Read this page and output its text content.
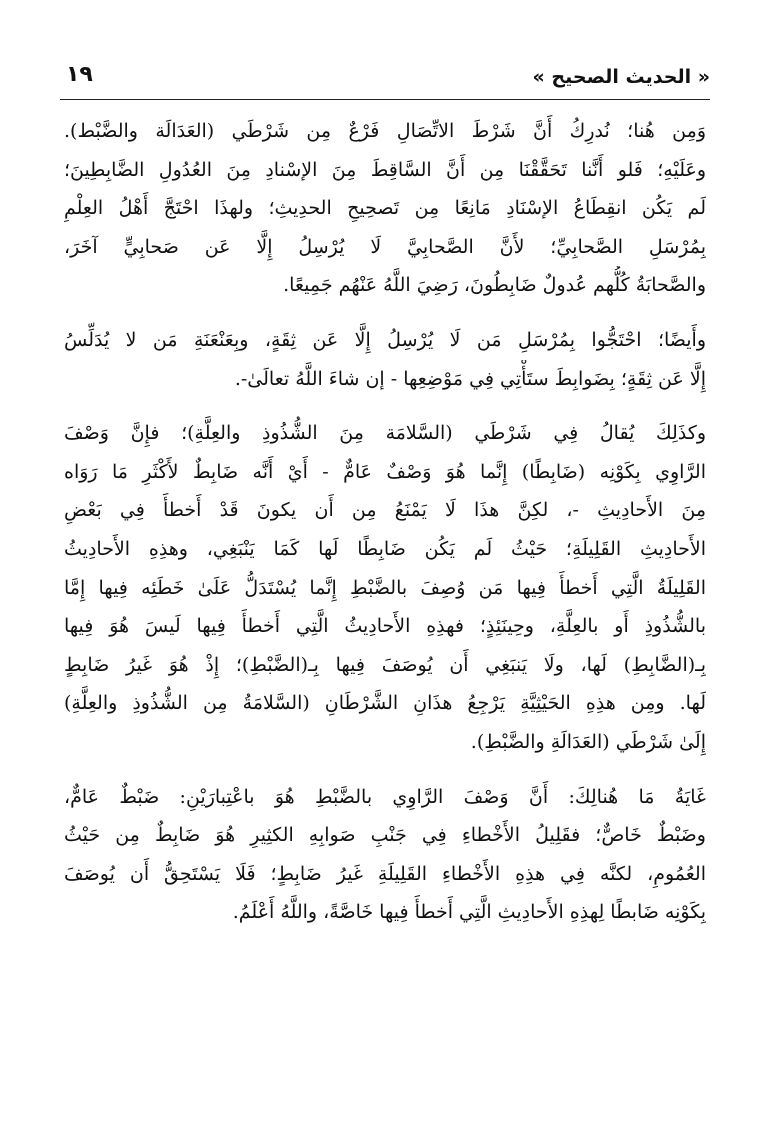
« الحديث الصحيح »
١٩

وَمِن هُنا؛ نُدرِكُ أَنَّ شَرْطَ الاتِّصَالِ فَرْعٌ مِن شَرْطَي (العَدَالَة والضَّبْط).
وعَلَيْهِ؛ فَلو أَنَّنا تَحَقَّقْنَا مِن أَنَّ السَّاقِطَ مِنَ الإسْنادِ مِنَ العُدُولِ الضَّابِطِينَ؛
لَم يَكُن انقِطَاعُ الإسْنَادِ مَانِعًا مِن تَصحِيحِ الحدِيثِ؛ ولهذَا احْتَجَّ أَهْلُ العِلْمِ
بِمُرْسَلِ الصَّحابِيِّ؛ لأَنَّ الصَّحابِيَّ لَا يُرْسِلُ إِلَّا عَن صَحابِيٍّ آخَرَ،
والصَّحابَةُ كُلُّهم عُدولٌ ضَابِطُونَ، رَضِيَ اللَّهُ عَنْهُم جَمِيعًا.

وأَيضًا؛ احْتَجُّوا بِمُرْسَلِ مَن لَا يُرْسِلُ إِلَّا عَن ثِقَةٍ، وبِعَنْعَنَةِ مَن لا يُدَلِّسُ
إِلَّا عَن ثِقَةٍ؛ بِضَوابِطَ ستَأْتِي فِي مَوْضِعِها - إن شاءَ اللَّهُ تعالَىٰ-.

وكذَلِكَ يُقالُ فِي شَرْطَي (السَّلامَة مِنَ الشُّذُوذِ والعِلَّةِ)؛ فإِنَّ وَصْفَ
الرَّاوِي بِكَوْنِه (ضَابِطًا) إِنَّما هُوَ وَصْفٌ عَامٌّ - أَيْ أَنَّه ضَابِطٌ لأَكْثَرِ مَا رَوَاه
مِنَ الأَحادِيثِ -، لكِنَّ هذَا لَا يَمْنَعُ مِن أَن يكونَ قَدْ أَخطأَ فِي بَعْضِ
الأَحادِيثِ القَلِيلَةِ؛ حَيْثُ لَم يَكُن ضَابِطًا لَها كَمَا يَنْبَغِي، وهذِهِ الأَحادِيثُ
القَلِيلَةُ الَّتِي أَخطأَ فِيها مَن وُصِفَ بالضَّبْطِ إِنَّما يُسْتَدَلُّ عَلَىٰ خَطَئِه فِيها إِمَّا
بالشُّذُوذِ أَو بالعِلَّةِ، وحِينَئِذٍ؛ فهذِهِ الأَحادِيثُ الَّتِي أَخطأَ فِيها لَيسَ هُوَ فِيها
بِـ(الضَّابِطِ) لَها، ولَا يَنبَغِي أَن يُوصَفَ فِيها بِـ(الضَّبْطِ)؛ إِذْ هُوَ غَيرُ ضَابِطٍ
لَها. ومِن هذِهِ الحَيْثِيَّةِ يَرْجِعُ هذَانِ الشَّرْطَانِ (السَّلامَةُ مِن الشُّذُوذِ والعِلَّةِ)
إِلَىٰ شَرْطَي (العَدَالَةِ والضَّبْطِ).

غَايَةُ مَا هُنالِكَ: أَنَّ وَصْفَ الرَّاوِي بالضَّبْطِ هُوَ باعْتِبارَيْنِ: ضَبْطٌ عَامٌّ،
وضَبْطٌ خَاصٌّ؛ فقَلِيلُ الأَخْطاءِ فِي جَنْبِ صَوابِهِ الكثِيرِ هُوَ ضَابِطٌ مِن حَيْثُ
العُمُومِ، لكنَّه فِي هذِهِ الأَخْطاءِ القَلِيلَةِ غَيرُ ضَابِطٍ؛ فَلَا يَسْتَحِقُّ أَن يُوصَفَ
بِكَوْنِه ضَابطًا لِهذِهِ الأَحادِيثِ الَّتِي أَخطأَ فِيها خَاصَّةً، واللَّهُ أَعْلَمُ.
